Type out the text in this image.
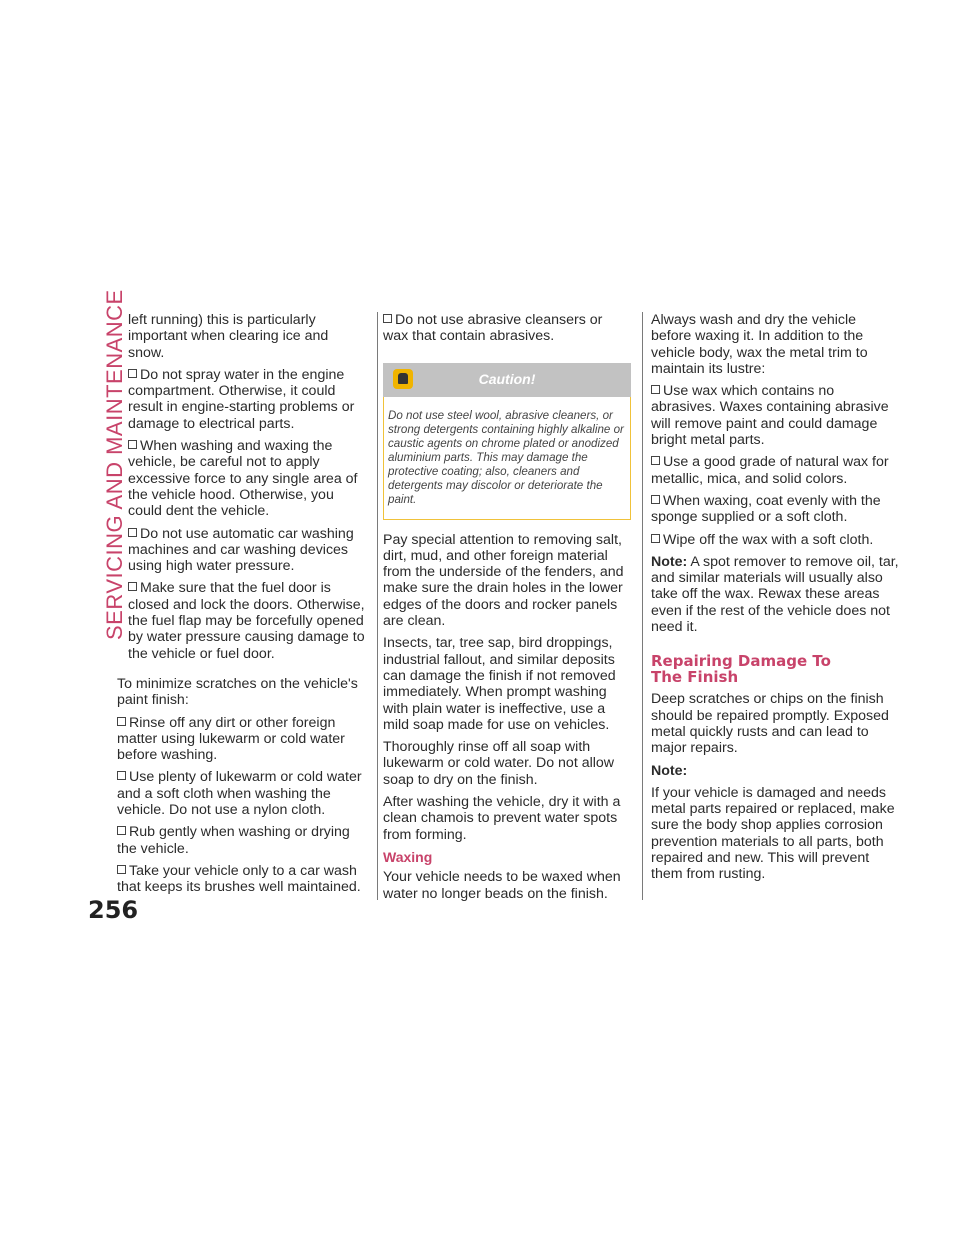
SERVICING AND MAINTENANCE
256

left running) this is particularly important when clearing ice and snow.

Do not spray water in the engine compartment. Otherwise, it could result in engine-starting problems or damage to electrical parts.
When washing and waxing the vehicle, be careful not to apply excessive force to any single area of the vehicle hood. Otherwise, you could dent the vehicle.
Do not use automatic car washing machines and car washing devices using high water pressure.
Make sure that the fuel door is closed and lock the doors. Otherwise, the fuel flap may be forcefully opened by water pressure causing damage to the vehicle or fuel door.

To minimize scratches on the vehicle's paint finish:

Rinse off any dirt or other foreign matter using lukewarm or cold water before washing.
Use plenty of lukewarm or cold water and a soft cloth when washing the vehicle. Do not use a nylon cloth.
Rub gently when washing or drying the vehicle.
Take your vehicle only to a car wash that keeps its brushes well maintained.
Do not use abrasive cleansers or wax that contain abrasives.
Caution!
Do not use steel wool, abrasive cleaners, or strong detergents containing highly alkaline or caustic agents on chrome plated or anodized aluminium parts. This may damage the protective coating; also, cleaners and detergents may discolor or deteriorate the paint.

Pay special attention to removing salt, dirt, mud, and other foreign material from the underside of the fenders, and make sure the drain holes in the lower edges of the doors and rocker panels are clean.

Insects, tar, tree sap, bird droppings, industrial fallout, and similar deposits can damage the finish if not removed immediately. When prompt washing with plain water is ineffective, use a mild soap made for use on vehicles.

Thoroughly rinse off all soap with lukewarm or cold water. Do not allow soap to dry on the finish.

After washing the vehicle, dry it with a clean chamois to prevent water spots from forming.

Waxing

Your vehicle needs to be waxed when water no longer beads on the finish.

Always wash and dry the vehicle before waxing it. In addition to the vehicle body, wax the metal trim to maintain its lustre:

Use wax which contains no abrasives. Waxes containing abrasive will remove paint and could damage bright metal parts.
Use a good grade of natural wax for metallic, mica, and solid colors.
When waxing, coat evenly with the sponge supplied or a soft cloth.
Wipe off the wax with a soft cloth.

Note: A spot remover to remove oil, tar, and similar materials will usually also take off the wax. Rewax these areas even if the rest of the vehicle does not need it.

Repairing Damage To
The Finish

Deep scratches or chips on the finish should be repaired promptly. Exposed metal quickly rusts and can lead to major repairs.

Note:

If your vehicle is damaged and needs metal parts repaired or replaced, make sure the body shop applies corrosion prevention materials to all parts, both repaired and new. This will prevent them from rusting.
